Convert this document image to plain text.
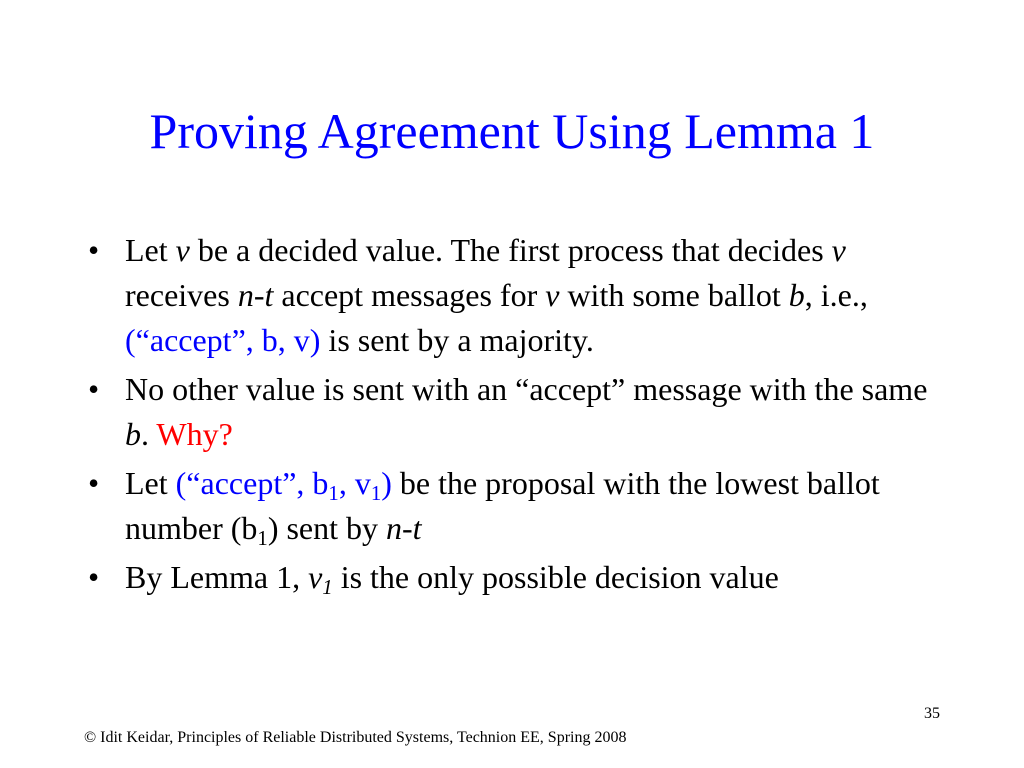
Proving Agreement Using Lemma 1
• Let v be a decided value. The first process that decides v receives n-t accept messages for v with some ballot b, i.e., (“accept”, b, v) is sent by a majority.
• No other value is sent with an “accept” message with the same b. Why?
• Let (“accept”, $b_1$, $v_1$) be the proposal with the lowest ballot number $(b_1)$ sent by n-t
• By Lemma 1, $v_1$ is the only possible decision value
35
© Idit Keidar, Principles of Reliable Distributed Systems, Technion EE, Spring 2008
